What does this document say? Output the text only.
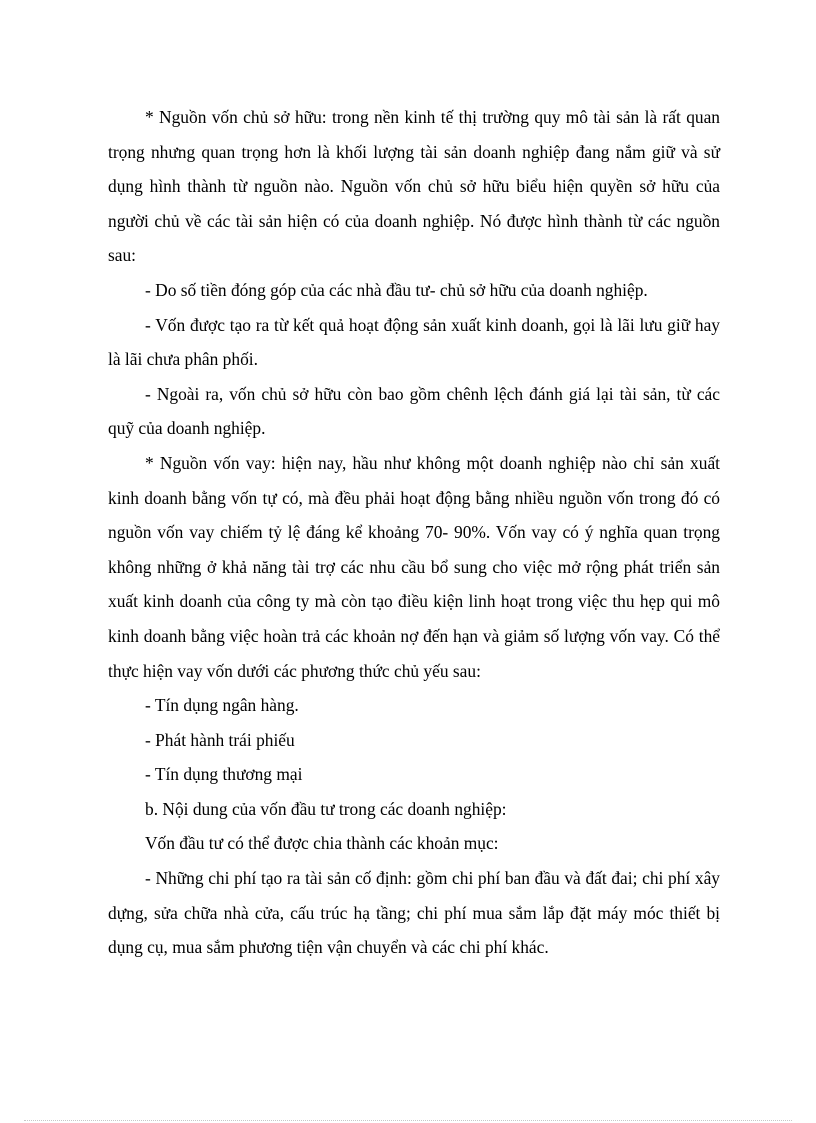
* Nguồn vốn chủ sở hữu: trong nền kinh tế thị trường quy mô tài sản là rất quan trọng nhưng quan trọng hơn là khối lượng tài sản doanh nghiệp đang nắm giữ và sử dụng hình thành từ nguồn nào. Nguồn vốn chủ sở hữu biểu hiện quyền sở hữu của người chủ về các tài sản hiện có của doanh nghiệp. Nó được hình thành từ các nguồn sau:

- Do số tiền đóng góp của các nhà đầu tư- chủ sở hữu của doanh nghiệp.

- Vốn được tạo ra từ kết quả hoạt động sản xuất kinh doanh, gọi là lãi lưu giữ hay là lãi chưa phân phối.

- Ngoài ra, vốn chủ sở hữu còn bao gồm chênh lệch đánh giá lại tài sản, từ các quỹ của doanh nghiệp.

* Nguồn vốn vay: hiện nay, hầu như không một doanh nghiệp nào chỉ sản xuất kinh doanh bằng vốn tự có, mà đều phải hoạt động bằng nhiều nguồn vốn trong đó có nguồn vốn vay chiếm tỷ lệ đáng kể khoảng 70- 90%. Vốn vay có ý nghĩa quan trọng không những ở khả năng tài trợ các nhu cầu bổ sung cho việc mở rộng phát triển sản xuất kinh doanh của công ty mà còn tạo điều kiện linh hoạt trong việc thu hẹp qui mô kinh doanh bằng việc hoàn trả các khoản nợ đến hạn và giảm số lượng vốn vay. Có thể thực hiện vay vốn dưới các phương thức chủ yếu sau:

- Tín dụng ngân hàng.

- Phát hành trái phiếu

- Tín dụng thương mại

b. Nội dung của vốn đầu tư trong các doanh nghiệp:

Vốn đầu tư có thể được chia thành các khoản mục:

- Những chi phí tạo ra tài sản cố định: gồm chi phí ban đầu và đất đai; chi phí xây dựng, sửa chữa nhà cửa, cấu trúc hạ tầng; chi phí mua sắm lắp đặt máy móc thiết bị dụng cụ, mua sắm phương tiện vận chuyển và các chi phí khác.
